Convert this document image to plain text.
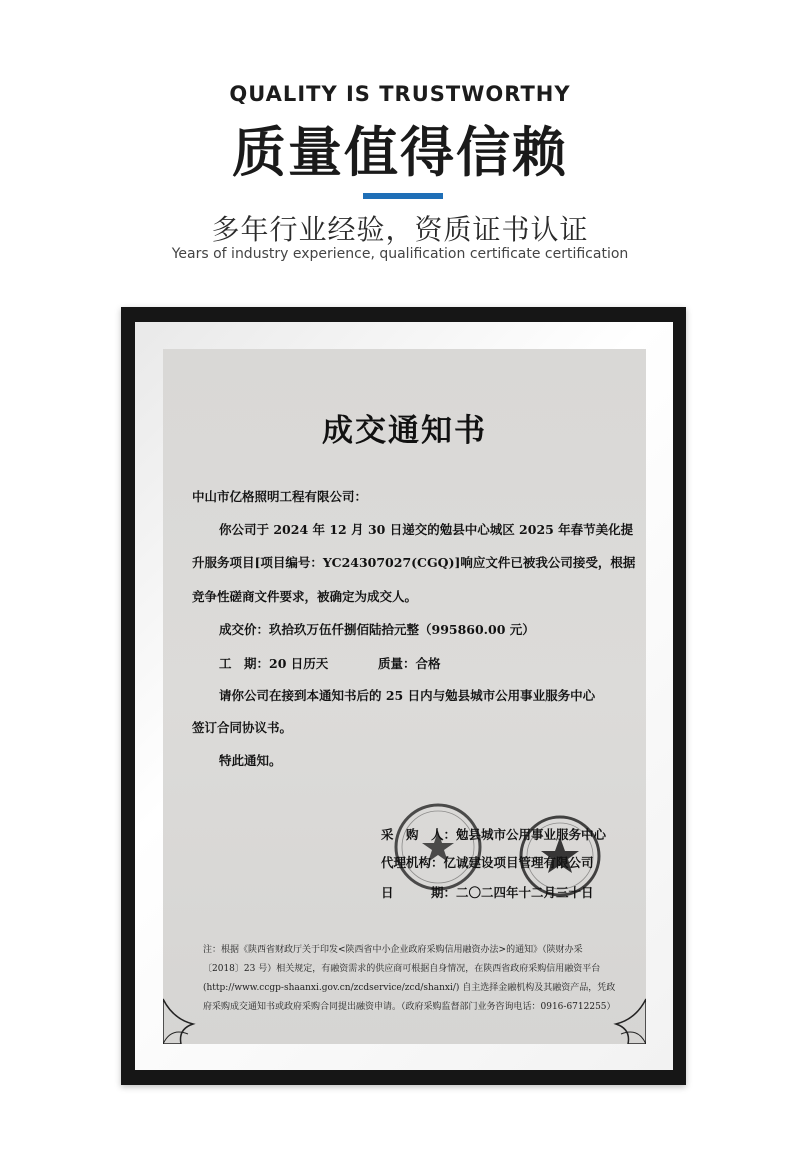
QUALITY IS TRUSTWORTHY
质量值得信赖
多年行业经验，资质证书认证
Years of industry experience, qualification certificate certification
成交通知书
中山市亿格照明工程有限公司：
你公司于 2024 年 12 月 30 日递交的勉县中心城区 2025 年春节美化提
升服务项目[项目编号：YC24307027(CGQ)]响应文件已被我公司接受，根据
竞争性磋商文件要求，被确定为成交人。
成交价：玖拾玖万伍仟捌佰陆拾元整（995860.00 元）
工　期：20 日历天	质量：合格
请你公司在接到本通知书后的 25 日内与勉县城市公用事业服务中心
签订合同协议书。
特此通知。
采　购　人：勉县城市公用事业服务中心
代理机构：亿诚建设项目管理有限公司
日　　　期：二〇二四年十二月三十日
注：根据《陕西省财政厅关于印发<陕西省中小企业政府采购信用融资办法>的通知》（陕财办采〔2018〕23 号）相关规定，有融资需求的供应商可根据自身情况，在陕西省政府采购信用融资平台(http://www.ccgp-shaanxi.gov.cn/zcdservice/zcd/shanxi/) 自主选择金融机构及其融资产品，凭政府采购成交通知书或政府采购合同提出融资申请。（政府采购监督部门业务咨询电话：0916-6712255）
